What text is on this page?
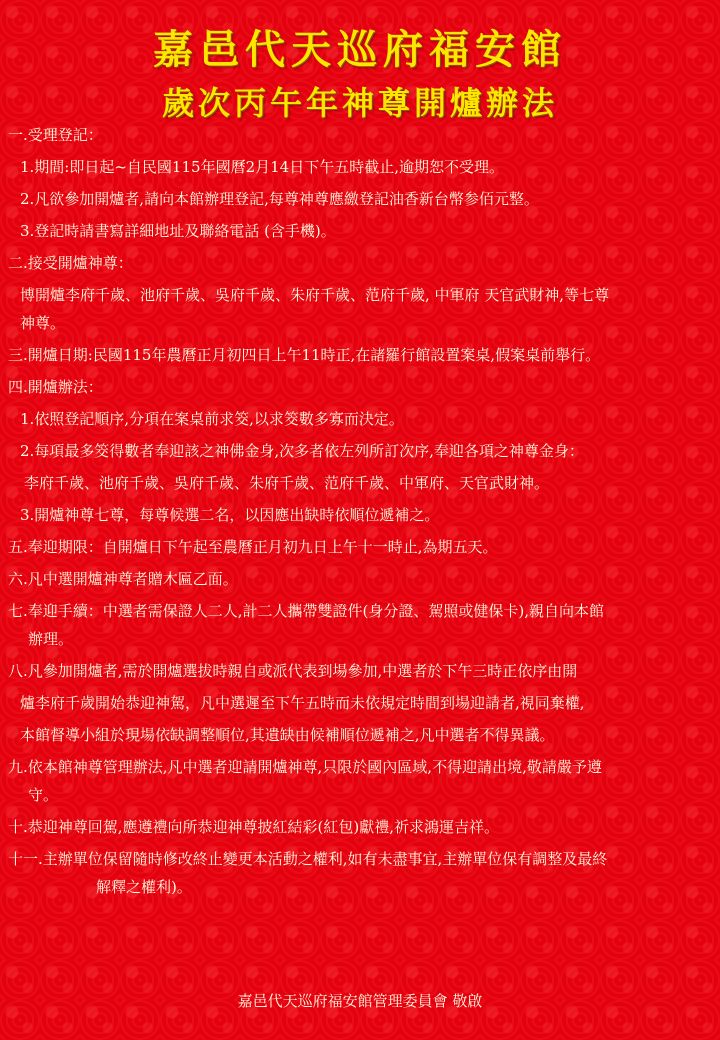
嘉邑代天巡府福安館
歲次丙午年神尊開爐辦法
一.受理登記：
1.期間:即日起~自民國115年國曆2月14日下午五時截止,逾期恕不受理。
2.凡欲參加開爐者,請向本館辦理登記,每尊神尊應繳登記油香新台幣参佰元整。
3.登記時請書寫詳細地址及聯絡電話 (含手機)。
二.接受開爐神尊：
博開爐李府千歲、池府千歲、吳府千歲、朱府千歲、范府千歲, 中軍府 天官武財神,等七尊
神尊。
三.開爐日期:民國115年農曆正月初四日上午11時正,在諸羅行館設置案桌,假案桌前舉行。
四.開爐辦法：
1.依照登記順序,分項在案桌前求筊,以求筊數多寡而決定。
2.每項最多筊得數者奉迎該之神佛金身,次多者依左列所訂次序,奉迎各項之神尊金身：
李府千歲、池府千歲、吳府千歲、朱府千歲、范府千歲、中軍府、天官武財神。
3.開爐神尊七尊，每尊候選二名，以因應出缺時依順位遞補之。
五.奉迎期限：自開爐日下午起至農曆正月初九日上午十一時止,為期五天。
六.凡中選開爐神尊者贈木匾乙面。
七.奉迎手續：中選者需保證人二人,計二人攜帶雙證件(身分證、駕照或健保卡),親自向本館
辦理。
八.凡參加開爐者,需於開爐選拔時親自或派代表到場參加,中選者於下午三時正依序由開
爐李府千歲開始恭迎神駕，凡中選遲至下午五時而未依規定時間到場迎請者,視同棄權,
本館督導小組於現場依缺調整順位,其遺缺由候補順位遞補之,凡中選者不得異議。
九.依本館神尊管理辦法,凡中選者迎請開爐神尊,只限於國內區域,不得迎請出境,敬請嚴予遵
守。
十.恭迎神尊回駕,應遵禮向所恭迎神尊披紅結彩(紅包)獻禮,祈求鴻運吉祥。
十一.主辦單位保留隨時修改終止變更本活動之權利,如有未盡事宜,主辦單位保有調整及最終
解釋之權利)。
嘉邑代天巡府福安館管理委員會 敬啟
